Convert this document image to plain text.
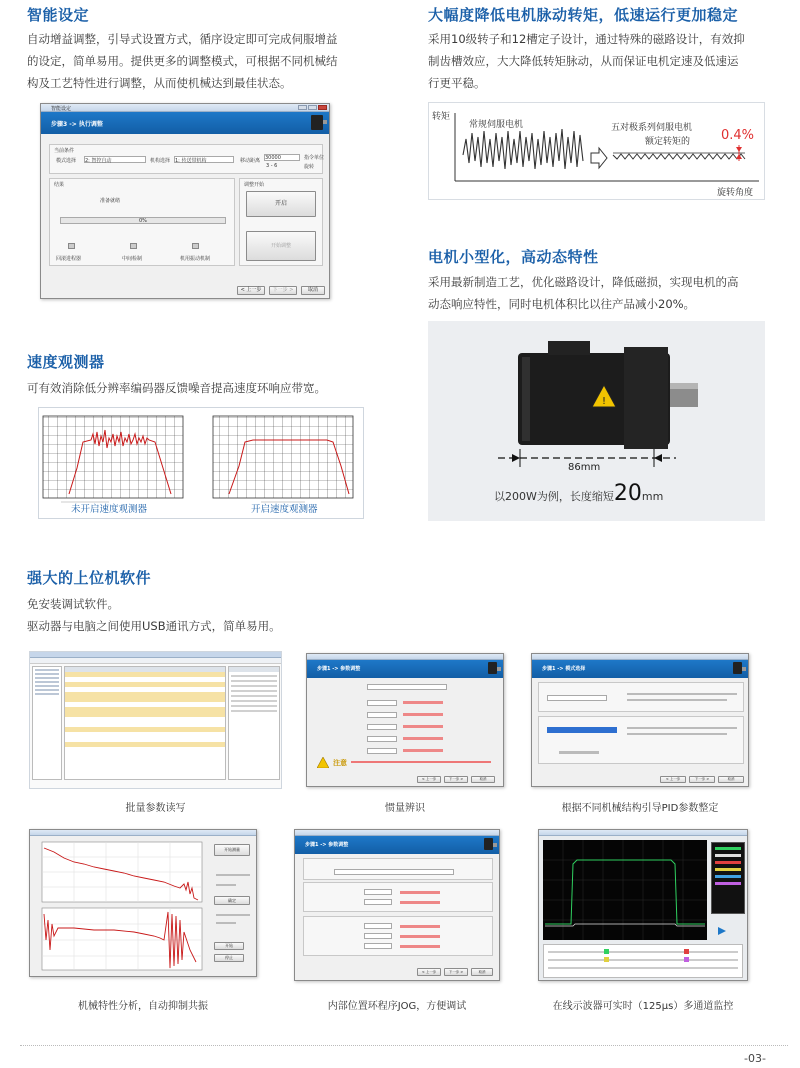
智能设定
自动增益调整，引导式设置方式，循序设定即可完成伺服增益
的设定，简单易用。提供更多的调整模式，可根据不同机械结
构及工艺特性进行调整，从而使机械达到最佳状态。
智能设定
步骤3 -> 执行调整
当前条件
模式选择 2: 智控自动	机构选择 1: 传送带机构	移动距离 30000
3 - 6
指令单位
旋转
结果
准备就绪
0%
回滚进程器	中间检制	机用振动机制
调整开始
开启
开始调整
< 上一步	下一步 >	取消
大幅度降低电机脉动转矩，低速运行更加稳定
采用10级转子和12槽定子设计，通过特殊的磁路设计，有效抑
制齿槽效应，大大降低转矩脉动，从而保证电机定速及低速运
行更平稳。
转矩
常规伺服电机	五对极系列伺服电机
额定转矩的 0.4%
旋转角度
电机小型化，高动态特性
采用最新制造工艺，优化磁路设计，降低磁损，实现电机的高
动态响应特性，同时电机体积比以往产品减小20%。
!
86mm
以200W为例，长度缩短20mm
速度观测器
可有效消除低分辨率编码器反馈噪音提高速度环响应带宽。
未开启速度观测器	开启速度观测器
强大的上位机软件
免安装调试软件。
驱动器与电脑之间使用USB通讯方式，简单易用。
批量参数读写
步骤1 -> 参数调整
注意
< 上一步	下一步 >	取消
惯量辨识
步骤1 -> 模式选择
< 上一步	下一步 >	取消
根据不同机械结构引导PID参数整定
开始测量
确定
开始
停止
机械特性分析，自动抑制共振
步骤1 -> 参数调整
< 上一步	下一步 >	取消
内部位置环程序JOG，方便调试	在线示波器可实时（125μs）多通道监控
-03-
